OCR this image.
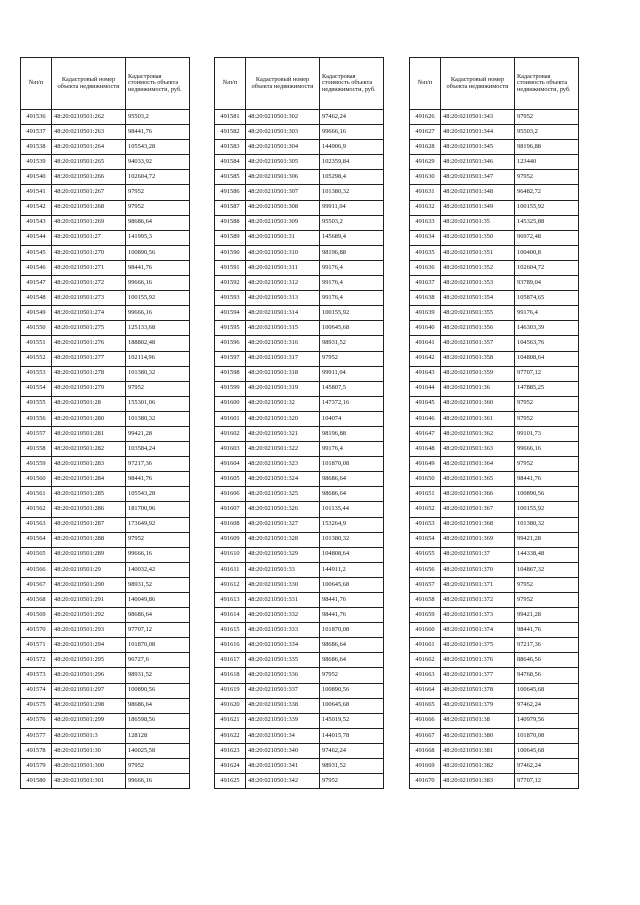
№п/п	Кадастровый номер объекта недвижимости	Кадастровая стоимость объекта недвижимости, руб.
491536	48:20:0210501:262	95503,2
491537	48:20:0210501:263	98441,76
491538	48:20:0210501:264	105543,28
491539	48:20:0210501:265	94033,92
491540	48:20:0210501:266	102604,72
491541	48:20:0210501:267	97952
491542	48:20:0210501:268	97952
491543	48:20:0210501:269	98686,64
491544	48:20:0210501:27	141995,3
491545	48:20:0210501:270	100890,56
491546	48:20:0210501:271	98441,76
491547	48:20:0210501:272	99666,16
491548	48:20:0210501:273	100155,92
491549	48:20:0210501:274	99666,16
491550	48:20:0210501:275	125133,68
491551	48:20:0210501:276	188802,48
491552	48:20:0210501:277	102114,96
491553	48:20:0210501:278	101380,32
491554	48:20:0210501:279	97952
491555	48:20:0210501:28	155301,06
491556	48:20:0210501:280	101380,32
491557	48:20:0210501:281	99421,28
491558	48:20:0210501:282	103584,24
491559	48:20:0210501:283	97217,36
491560	48:20:0210501:284	98441,76
491561	48:20:0210501:285	105543,28
491562	48:20:0210501:286	181700,96
491563	48:20:0210501:287	173649,92
491564	48:20:0210501:288	97952
491565	48:20:0210501:289	99666,16
491566	48:20:0210501:29	140032,42
491567	48:20:0210501:290	98931,52
491568	48:20:0210501:291	140049,86
491569	48:20:0210501:292	98686,64
491570	48:20:0210501:293	97707,12
491571	48:20:0210501:294	101870,08
491572	48:20:0210501:295	96727,6
491573	48:20:0210501:296	98931,52
491574	48:20:0210501:297	100890,56
491575	48:20:0210501:298	98686,64
491576	48:20:0210501:299	186598,56
491577	48:20:0210501:3	128128
491578	48:20:0210501:30	140025,58
491579	48:20:0210501:300	97952
491580	48:20:0210501:301	99666,16
№п/п	Кадастровый номер объекта недвижимости	Кадастровая стоимость объекта недвижимости, руб.
491581	48:20:0210501:302	97462,24
491582	48:20:0210501:303	99666,16
491583	48:20:0210501:304	144906,9
491584	48:20:0210501:305	102359,84
491585	48:20:0210501:306	105298,4
491586	48:20:0210501:307	101380,32
491587	48:20:0210501:308	99911,04
491588	48:20:0210501:309	95503,2
491589	48:20:0210501:31	145689,4
491590	48:20:0210501:310	98196,88
491591	48:20:0210501:311	99176,4
491592	48:20:0210501:312	99176,4
491593	48:20:0210501:313	99176,4
491594	48:20:0210501:314	100155,92
491595	48:20:0210501:315	100645,68
491596	48:20:0210501:316	98931,52
491597	48:20:0210501:317	97952
491598	48:20:0210501:318	99911,04
491599	48:20:0210501:319	145807,5
491600	48:20:0210501:32	147372,16
491601	48:20:0210501:320	104074
491602	48:20:0210501:321	98196,88
491603	48:20:0210501:322	99176,4
491604	48:20:0210501:323	101870,08
491605	48:20:0210501:324	98686,64
491606	48:20:0210501:325	98686,64
491607	48:20:0210501:326	101135,44
491608	48:20:0210501:327	153264,9
491609	48:20:0210501:328	101380,32
491610	48:20:0210501:329	104808,64
491611	48:20:0210501:33	144911,2
491612	48:20:0210501:330	100645,68
491613	48:20:0210501:331	98441,76
491614	48:20:0210501:332	98441,76
491615	48:20:0210501:333	101870,08
491616	48:20:0210501:334	98686,64
491617	48:20:0210501:335	98686,64
491618	48:20:0210501:336	97952
491619	48:20:0210501:337	100890,56
491620	48:20:0210501:338	100645,68
491621	48:20:0210501:339	145019,52
491622	48:20:0210501:34	144015,78
491623	48:20:0210501:340	97462,24
491624	48:20:0210501:341	98931,52
491625	48:20:0210501:342	97952
№п/п	Кадастровый номер объекта недвижимости	Кадастровая стоимость объекта недвижимости, руб.
491626	48:20:0210501:343	97952
491627	48:20:0210501:344	95503,2
491628	48:20:0210501:345	98196,88
491629	48:20:0210501:346	123440
491630	48:20:0210501:347	97952
491631	48:20:0210501:348	96482,72
491632	48:20:0210501:349	100155,92
491633	48:20:0210501:35	145325,88
491634	48:20:0210501:350	96972,48
491635	48:20:0210501:351	100400,8
491636	48:20:0210501:352	102604,72
491637	48:20:0210501:353	93789,04
491638	48:20:0210501:354	105874,65
491639	48:20:0210501:355	99176,4
491640	48:20:0210501:356	146303,39
491641	48:20:0210501:357	104563,76
491642	48:20:0210501:358	104808,64
491643	48:20:0210501:359	97707,12
491644	48:20:0210501:36	147885,25
491645	48:20:0210501:360	97952
491646	48:20:0210501:361	97952
491647	48:20:0210501:362	99101,73
491648	48:20:0210501:363	99666,16
491649	48:20:0210501:364	97952
491650	48:20:0210501:365	98441,76
491651	48:20:0210501:366	100890,56
491652	48:20:0210501:367	100155,92
491653	48:20:0210501:368	101380,32
491654	48:20:0210501:369	99421,28
491655	48:20:0210501:37	144338,48
491656	48:20:0210501:370	104867,32
491657	48:20:0210501:371	97952
491658	48:20:0210501:372	97952
491659	48:20:0210501:373	99421,28
491660	48:20:0210501:374	98441,76
491661	48:20:0210501:375	97217,36
491662	48:20:0210501:376	88646,56
491663	48:20:0210501:377	94768,56
491664	48:20:0210501:378	100645,68
491665	48:20:0210501:379	97462,24
491666	48:20:0210501:38	140979,56
491667	48:20:0210501:380	101870,08
491668	48:20:0210501:381	100645,68
491669	48:20:0210501:382	97462,24
491670	48:20:0210501:383	97707,12
